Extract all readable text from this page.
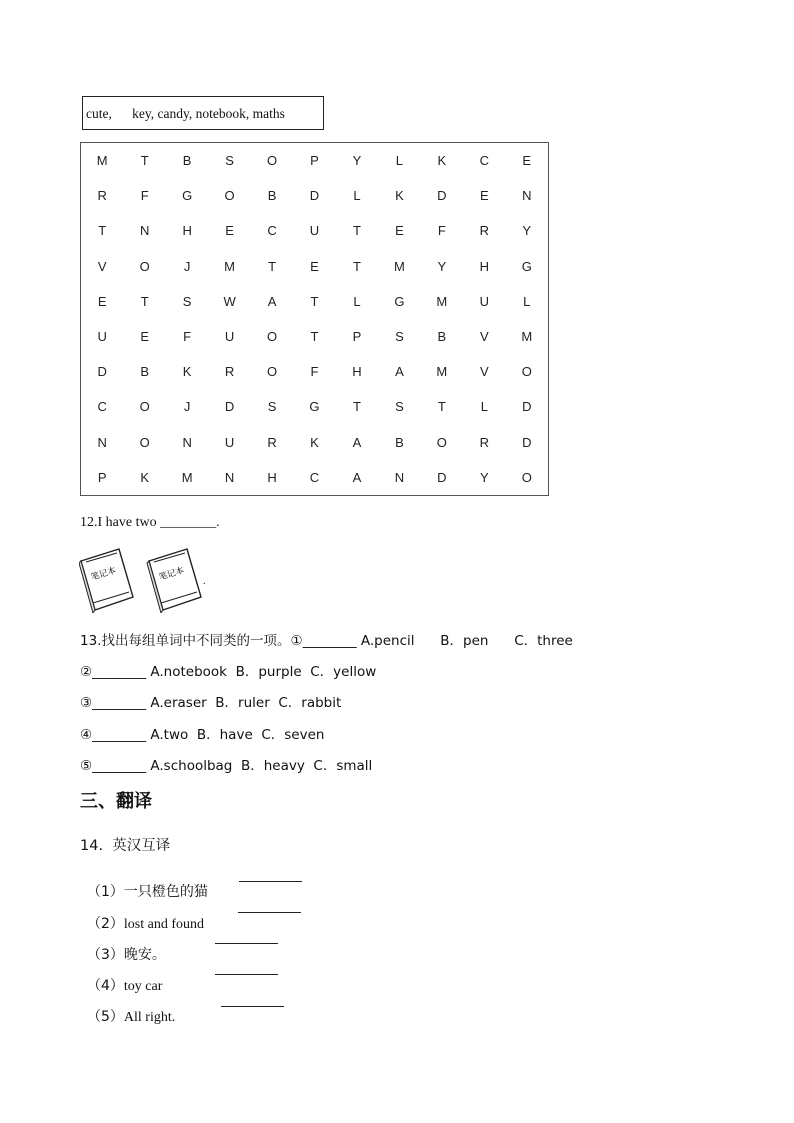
cute,      key, candy, notebook, maths
M	T	B	S	O	P	Y	L	K	C	E
R	F	G	O	B	D	L	K	D	E	N
T	N	H	E	C	U	T	E	F	R	Y
V	O	J	M	T	E	T	M	Y	H	G
E	T	S	W	A	T	L	G	M	U	L
U	E	F	U	O	T	P	S	B	V	M
D	B	K	R	O	F	H	A	M	V	O
C	O	J	D	S	G	T	S	T	L	D
N	O	N	U	R	K	A	B	O	R	D
P	K	M	N	H	C	A	N	D	Y	O
12.I have two ________.
笔记本	笔记本 .
13.找出每组单词中不同类的一项。①________ A.pencil      B．pen      C．three
②________ A.notebook  B．purple  C．yellow
③________ A.eraser  B．ruler  C．rabbit
④________ A.two  B．have  C．seven
⑤________ A.schoolbag  B．heavy  C．small
三、翻译
14.  英汉互译

（1）一只橙色的猫

（2）lost and found

（3）晚安。

（4）toy car

（5）All right.
